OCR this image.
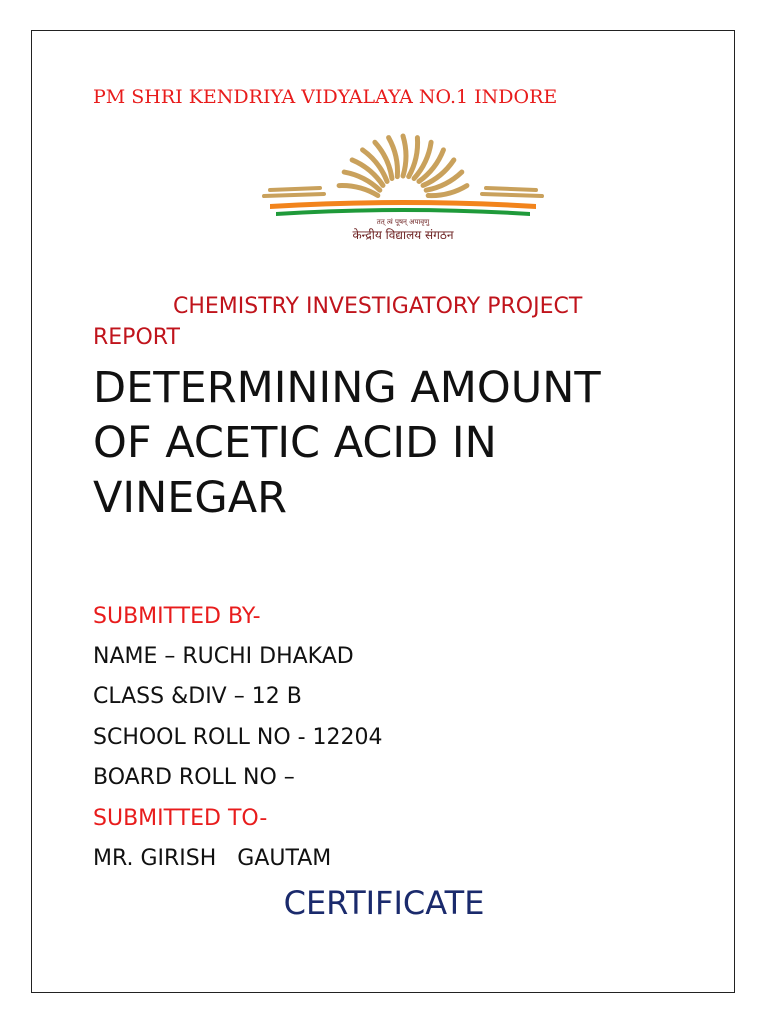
PM SHRI KENDRIYA VIDYALAYA NO.1 INDORE
तत् त्वं पूषन् अपावृणु
केन्द्रीय विद्यालय संगठन
CHEMISTRY INVESTIGATORY PROJECT
REPORT
DETERMINING AMOUNT
OF ACETIC ACID IN
VINEGAR
SUBMITTED BY-
NAME – RUCHI DHAKAD
CLASS &DIV – 12 B
SCHOOL ROLL NO - 12204
BOARD ROLL NO –
SUBMITTED TO-
MR. GIRISH   GAUTAM
CERTIFICATE
